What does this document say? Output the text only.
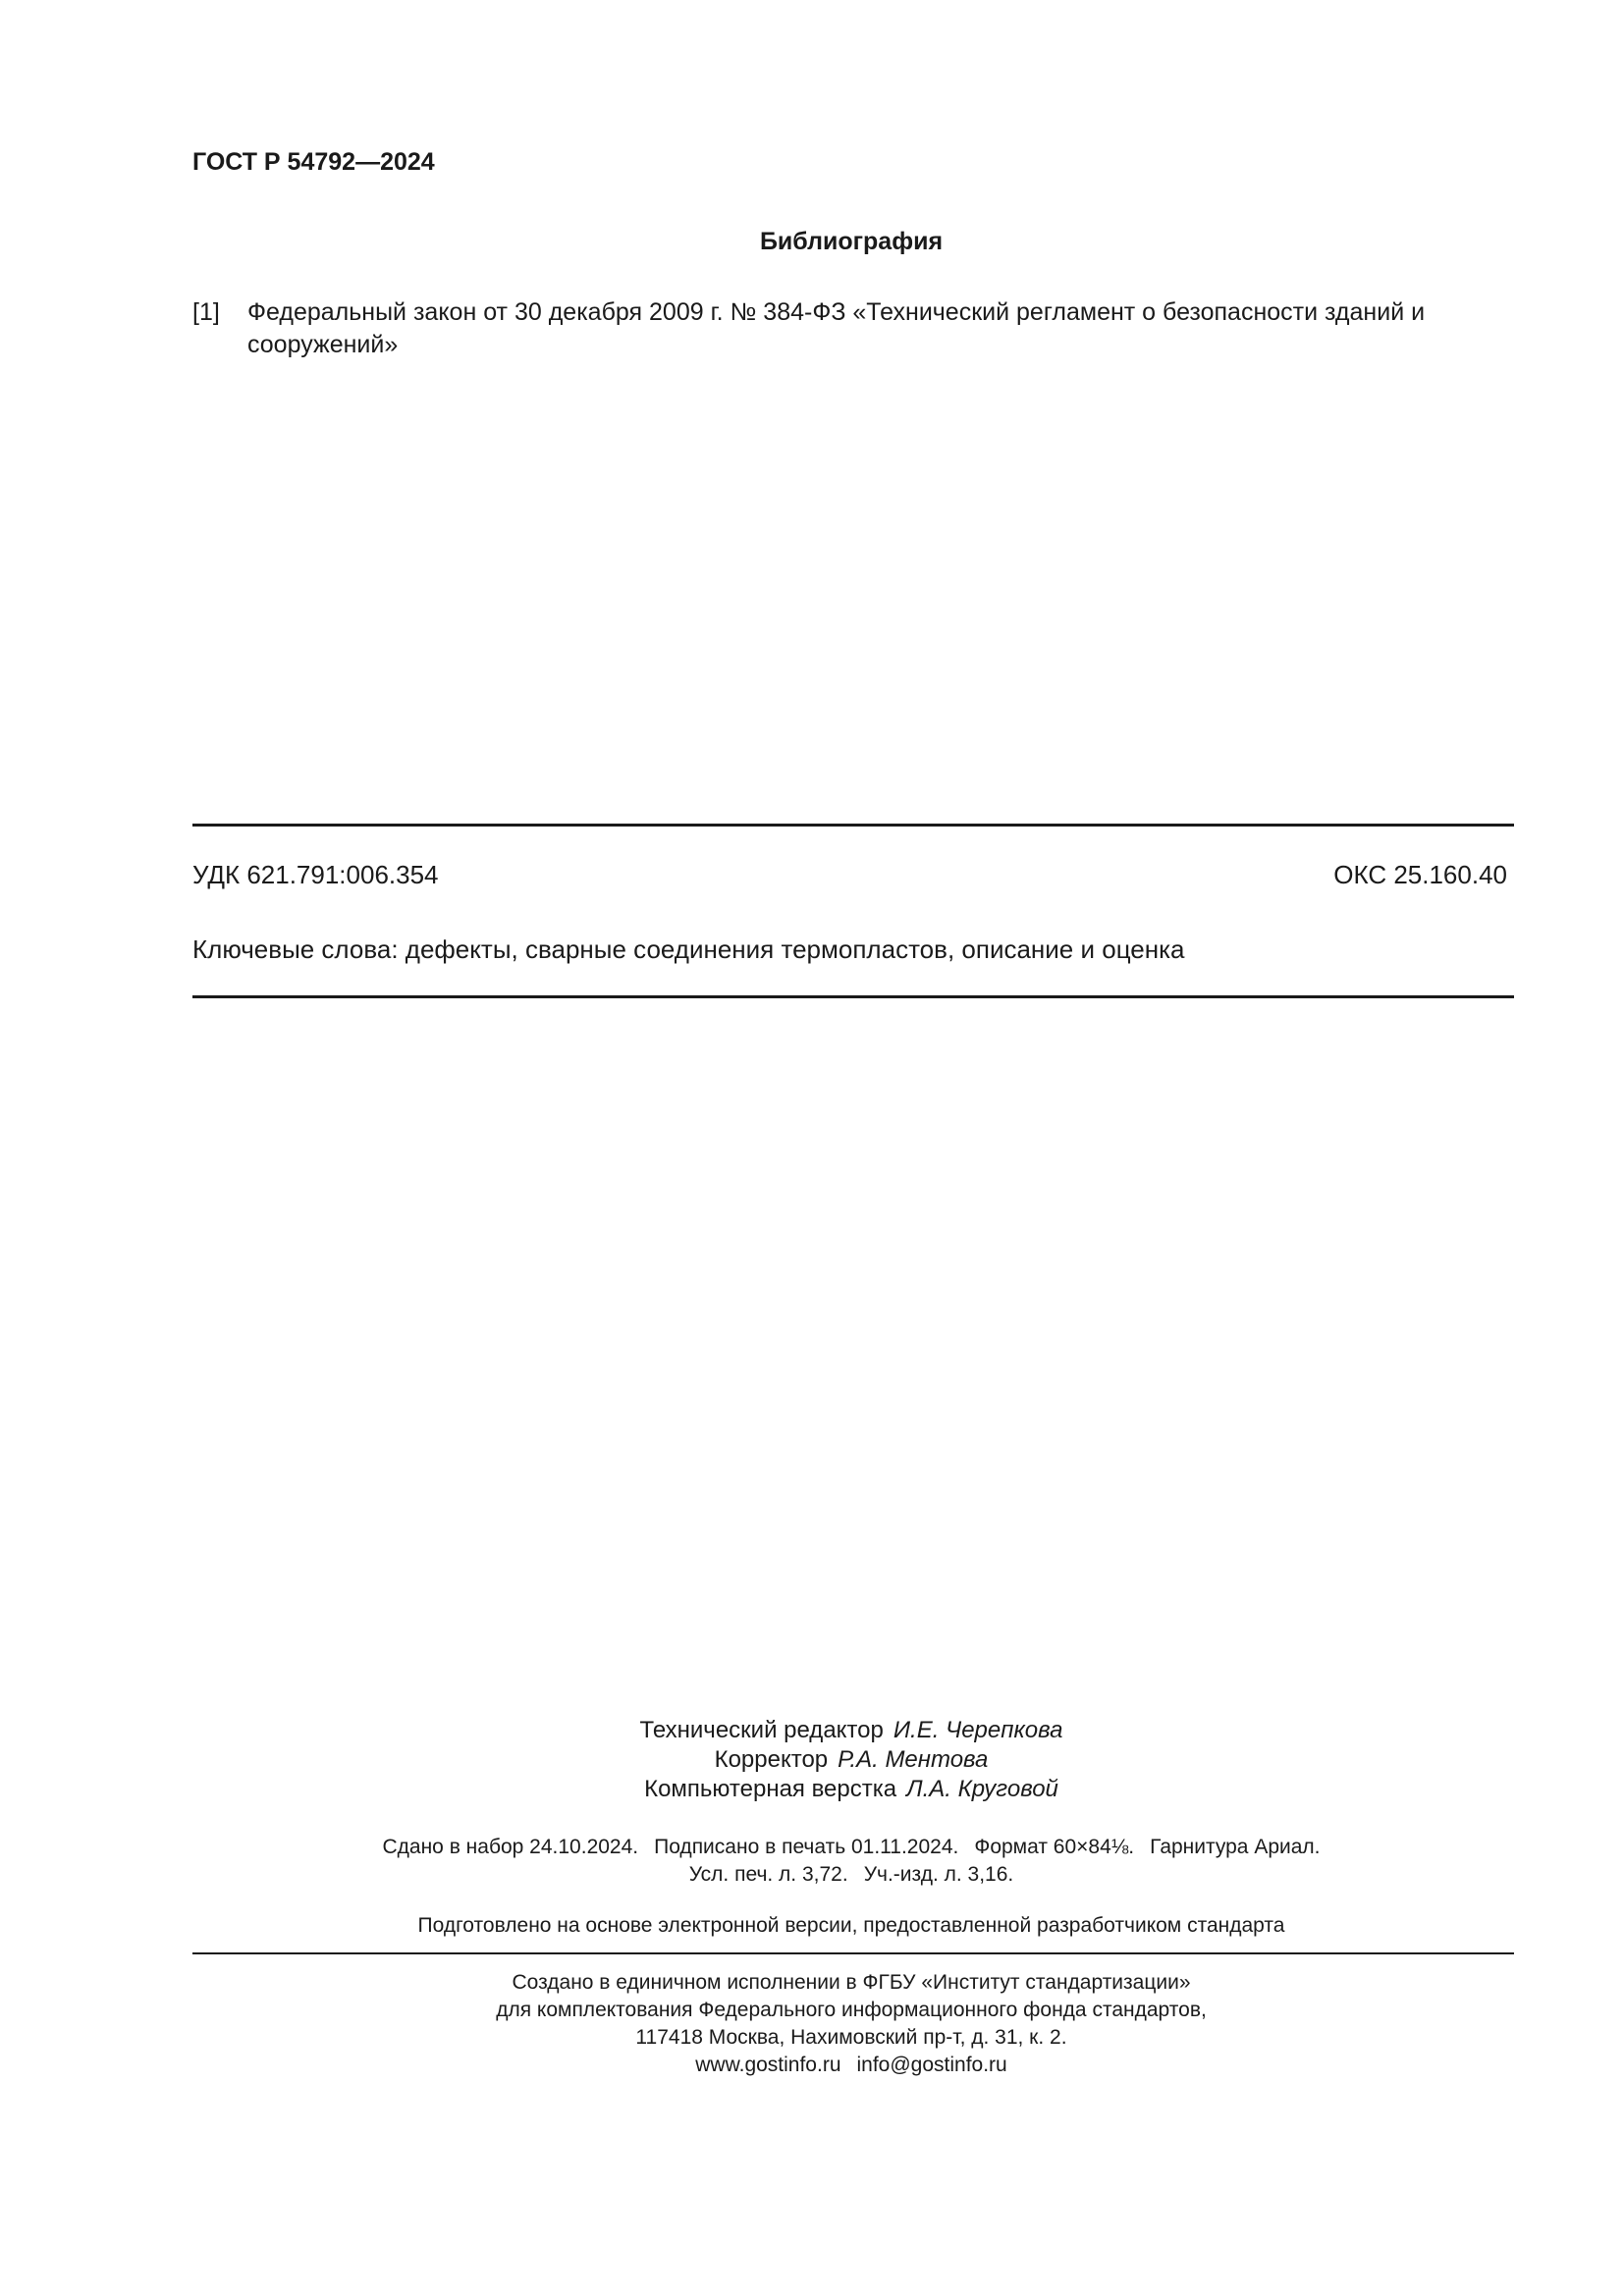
ГОСТ Р 54792—2024
Библиография
[1] Федеральный закон от 30 декабря 2009 г. № 384-ФЗ «Технический регламент о безопасности зданий и сооружений»
УДК 621.791:006.354	ОКС 25.160.40
Ключевые слова: дефекты, сварные соединения термопластов, описание и оценка
Технический редактор И.Е. Черепкова
Корректор Р.А. Ментова
Компьютерная верстка Л.А. Круговой
Сдано в набор 24.10.2024. Подписано в печать 01.11.2024. Формат 60×84⅛. Гарнитура Ариал.
Усл. печ. л. 3,72. Уч.-изд. л. 3,16.
Подготовлено на основе электронной версии, предоставленной разработчиком стандарта
Создано в единичном исполнении в ФГБУ «Институт стандартизации»
для комплектования Федерального информационного фонда стандартов,
117418 Москва, Нахимовский пр-т, д. 31, к. 2.
www.gostinfo.ru info@gostinfo.ru
